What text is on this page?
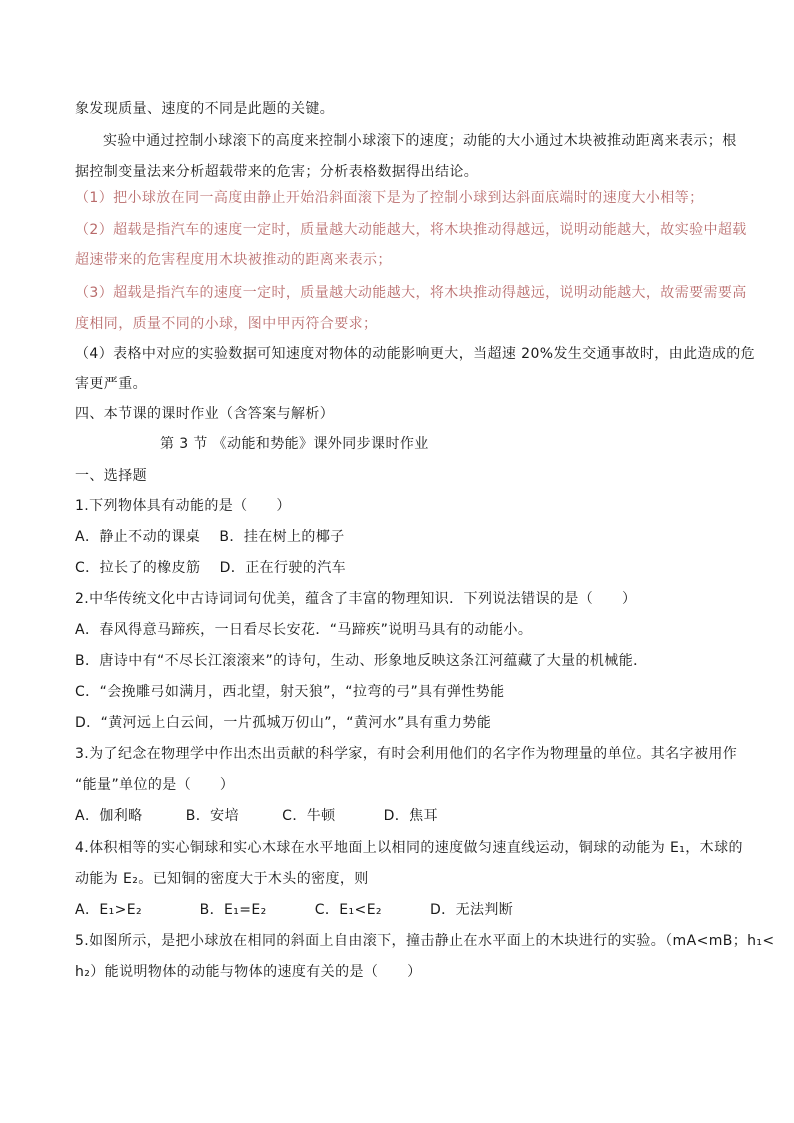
象发现质量、速度的不同是此题的关键。
实验中通过控制小球滚下的高度来控制小球滚下的速度；动能的大小通过木块被推动距离来表示；根
据控制变量法来分析超载带来的危害；分析表格数据得出结论。
（1）把小球放在同一高度由静止开始沿斜面滚下是为了控制小球到达斜面底端时的速度大小相等；
（2）超载是指汽车的速度一定时，质量越大动能越大，将木块推动得越远，说明动能越大，故实验中超载
超速带来的危害程度用木块被推动的距离来表示；
（3）超载是指汽车的速度一定时，质量越大动能越大，将木块推动得越远，说明动能越大，故需要需要高
度相同，质量不同的小球，图中甲丙符合要求；
（4）表格中对应的实验数据可知速度对物体的动能影响更大，当超速 20%发生交通事故时，由此造成的危
害更严重。
四、本节课的课时作业（含答案与解析）
第 3 节 《动能和势能》课外同步课时作业
一、选择题
1.下列物体具有动能的是（　　）
A．静止不动的课桌　 B．挂在树上的椰子
C．拉长了的橡皮筋　 D．正在行驶的汽车
2.中华传统文化中古诗词词句优美，蕴含了丰富的物理知识．下列说法错误的是（　　）
A．春风得意马蹄疾，一日看尽长安花．“马蹄疾”说明马具有的动能小。
B．唐诗中有“不尽长江滚滚来”的诗句，生动、形象地反映这条江河蕴藏了大量的机械能．
C．“会挽雕弓如满月，西北望，射天狼”，“拉弯的弓”具有弹性势能
D．“黄河远上白云间，一片孤城万仞山”，“黄河水”具有重力势能
3.为了纪念在物理学中作出杰出贡献的科学家，有时会利用他们的名字作为物理量的单位。其名字被用作
“能量”单位的是（　　）
A．伽利略　　　B．安培　　　C．牛顿　　　 D．焦耳
4.体积相等的实心铜球和实心木球在水平地面上以相同的速度做匀速直线运动，铜球的动能为 E₁，木球的
动能为 E₂。已知铜的密度大于木头的密度，则
A．E₁>E₂　　　　B．E₁=E₂　　　 C．E₁<E₂　　　 D．无法判断
5.如图所示，是把小球放在相同的斜面上自由滚下，撞击静止在水平面上的木块进行的实验。（mA<mB；h₁<
h₂）能说明物体的动能与物体的速度有关的是（　　）
